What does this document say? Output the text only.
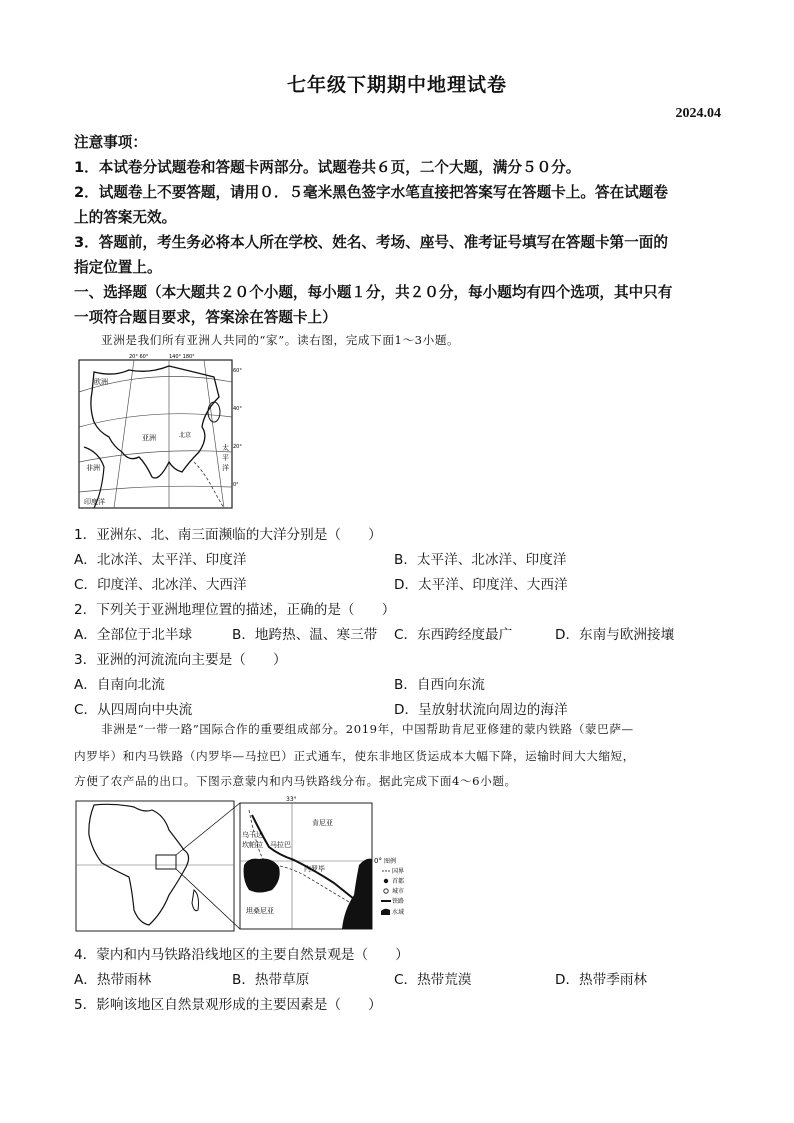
七年级下期期中地理试卷
2024.04
注意事项：
1．本试卷分试题卷和答题卡两部分。试题卷共６页，二个大题，满分５０分。
2．试题卷上不要答题，请用０．５毫米黑色签字水笔直接把答案写在答题卡上。答在试题卷
上的答案无效。
3．答题前，考生务必将本人所在学校、姓名、考场、座号、准考证号填写在答题卡第一面的
指定位置上。
一、选择题（本大题共２０个小题，每小题１分，共２０分，每小题均有四个选项，其中只有
一项符合题目要求，答案涂在答题卡上）
亚洲是我们所有亚洲人共同的“家”。读右图，完成下面1～3小题。
印度洋
欧洲
亚洲
非洲
北京
太
平
洋
20° 60°	140° 180°
60°
40°
20°
0°
1．亚洲东、北、南三面濒临的大洋分别是（　　）
A．北冰洋、太平洋、印度洋	B．太平洋、北冰洋、印度洋
C．印度洋、北冰洋、大西洋	D．太平洋、印度洋、大西洋
2．下列关于亚洲地理位置的描述，正确的是（　　）
A．全部位于北半球	B．地跨热、温、寒三带 C．东西跨经度最广	D．东南与欧洲接壤
3．亚洲的河流流向主要是（　　）
A．自南向北流	B．自西向东流
C．从四周向中央流	D．呈放射状流向周边的海洋
非洲是“一带一路”国际合作的重要组成部分。2019年，中国帮助肯尼亚修建的蒙内铁路（蒙巴萨—
内罗毕）和内马铁路（内罗毕—马拉巴）正式通车，使东非地区货运成本大幅下降，运输时间大大缩短，
方便了农产品的出口。下图示意蒙内和内马铁路线分布。据此完成下面4～6小题。
33°
肯尼亚
乌干达
坎帕拉 马拉巴
内罗毕
坦桑尼亚
0° 图例
国界
首都
城市
铁路
水域
4．蒙内和内马铁路沿线地区的主要自然景观是（　　）
A．热带雨林	B．热带草原	C．热带荒漠	D．热带季雨林
5．影响该地区自然景观形成的主要因素是（　　）
